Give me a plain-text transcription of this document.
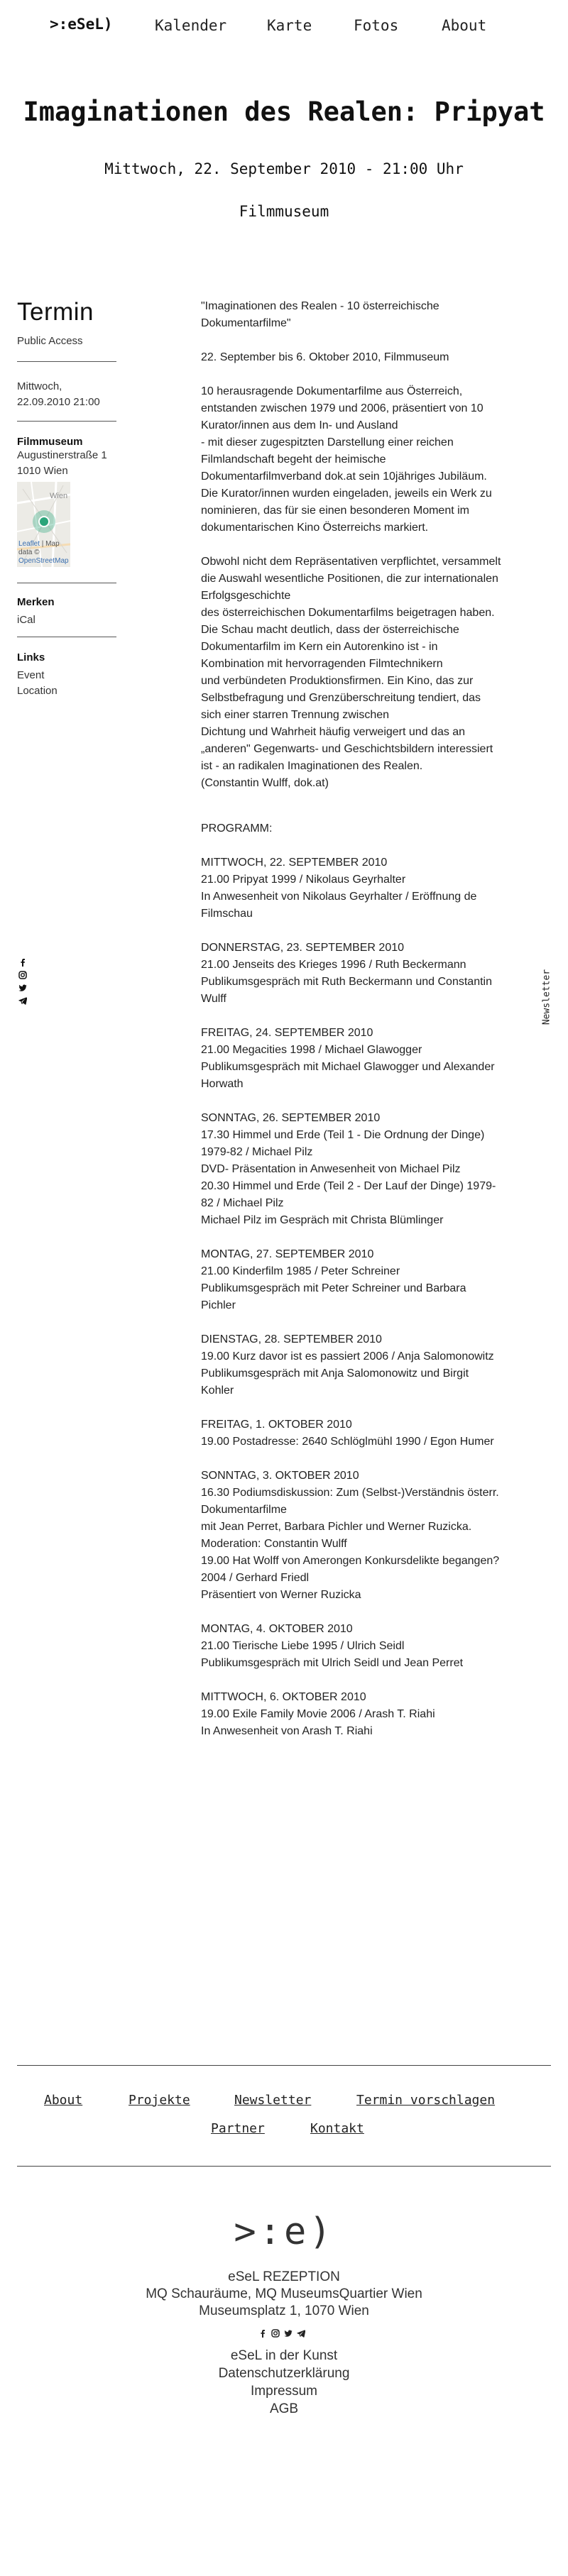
>:eSeL)	Kalender	Karte	Fotos	About
Imaginationen des Realen: Pripyat
Mittwoch, 22. September 2010 - 21:00 Uhr
Filmmuseum
Termin
Public Access
Mittwoch,
22.09.2010 21:00
Filmmuseum
Augustinerstraße 1
1010 Wien
Wien
Leaflet | Map data ©
OpenStreetMap
Merken
iCal
Links
Event
Location
Newsletter

"Imaginationen des Realen - 10 österreichische

Dokumentarfilme"

22. September bis 6. Oktober 2010, Filmmuseum

10 herausragende Dokumentarfilme aus Österreich,

entstanden zwischen 1979 und 2006, präsentiert von 10

Kurator/innen aus dem In- und Ausland

- mit dieser zugespitzten Darstellung einer reichen

Filmlandschaft begeht der heimische

Dokumentarfilmverband dok.at sein 10jähriges Jubiläum.

Die Kurator/innen wurden eingeladen, jeweils ein Werk zu

nominieren, das für sie einen besonderen Moment im

dokumentarischen Kino Österreichs markiert.

Obwohl nicht dem Repräsentativen verpflichtet, versammelt

die Auswahl wesentliche Positionen, die zur internationalen

Erfolgsgeschichte

des österreichischen Dokumentarfilms beigetragen haben.

Die Schau macht deutlich, dass der österreichische

Dokumentarfilm im Kern ein Autorenkino ist - in

Kombination mit hervorragenden Filmtechnikern

und verbündeten Produktionsfirmen. Ein Kino, das zur

Selbstbefragung und Grenzüberschreitung tendiert, das

sich einer starren Trennung zwischen

Dichtung und Wahrheit häufig verweigert und das an

„anderen" Gegenwarts- und Geschichtsbildern interessiert

ist - an radikalen Imaginationen des Realen.

(Constantin Wulff, dok.at)

PROGRAMM:

MITTWOCH, 22. SEPTEMBER 2010

21.00 Pripyat 1999 / Nikolaus Geyrhalter

In Anwesenheit von Nikolaus Geyrhalter / Eröffnung de

Filmschau

DONNERSTAG, 23. SEPTEMBER 2010

21.00 Jenseits des Krieges 1996 / Ruth Beckermann

Publikumsgespräch mit Ruth Beckermann und Constantin

Wulff

FREITAG, 24. SEPTEMBER 2010

21.00 Megacities 1998 / Michael Glawogger

Publikumsgespräch mit Michael Glawogger und Alexander

Horwath

SONNTAG, 26. SEPTEMBER 2010

17.30 Himmel und Erde (Teil 1 - Die Ordnung der Dinge)

1979-82 / Michael Pilz

DVD- Präsentation in Anwesenheit von Michael Pilz

20.30 Himmel und Erde (Teil 2 - Der Lauf der Dinge) 1979-

82 / Michael Pilz

Michael Pilz im Gespräch mit Christa Blümlinger

MONTAG, 27. SEPTEMBER 2010

21.00 Kinderfilm 1985 / Peter Schreiner

Publikumsgespräch mit Peter Schreiner und Barbara

Pichler

DIENSTAG, 28. SEPTEMBER 2010

19.00 Kurz davor ist es passiert 2006 / Anja Salomonowitz

Publikumsgespräch mit Anja Salomonowitz und Birgit

Kohler

FREITAG, 1. OKTOBER 2010

19.00 Postadresse: 2640 Schlöglmühl 1990 / Egon Humer

SONNTAG, 3. OKTOBER 2010

16.30 Podiumsdiskussion: Zum (Selbst-)Verständnis österr.

Dokumentarfilme

mit Jean Perret, Barbara Pichler und Werner Ruzicka.

Moderation: Constantin Wulff

19.00 Hat Wolff von Amerongen Konkursdelikte begangen?

2004 / Gerhard Friedl

Präsentiert von Werner Ruzicka

MONTAG, 4. OKTOBER 2010

21.00 Tierische Liebe 1995 / Ulrich Seidl

Publikumsgespräch mit Ulrich Seidl und Jean Perret

MITTWOCH, 6. OKTOBER 2010

19.00 Exile Family Movie 2006 / Arash T. Riahi

In Anwesenheit von Arash T. Riahi

About	Projekte	Newsletter	Termin vorschlagen
Partner	Kontakt
>:e)
eSeL REZEPTION
MQ Schauräume, MQ MuseumsQuartier Wien
Museumsplatz 1, 1070 Wien
eSeL in der Kunst
Datenschutzerklärung
Impressum
AGB
